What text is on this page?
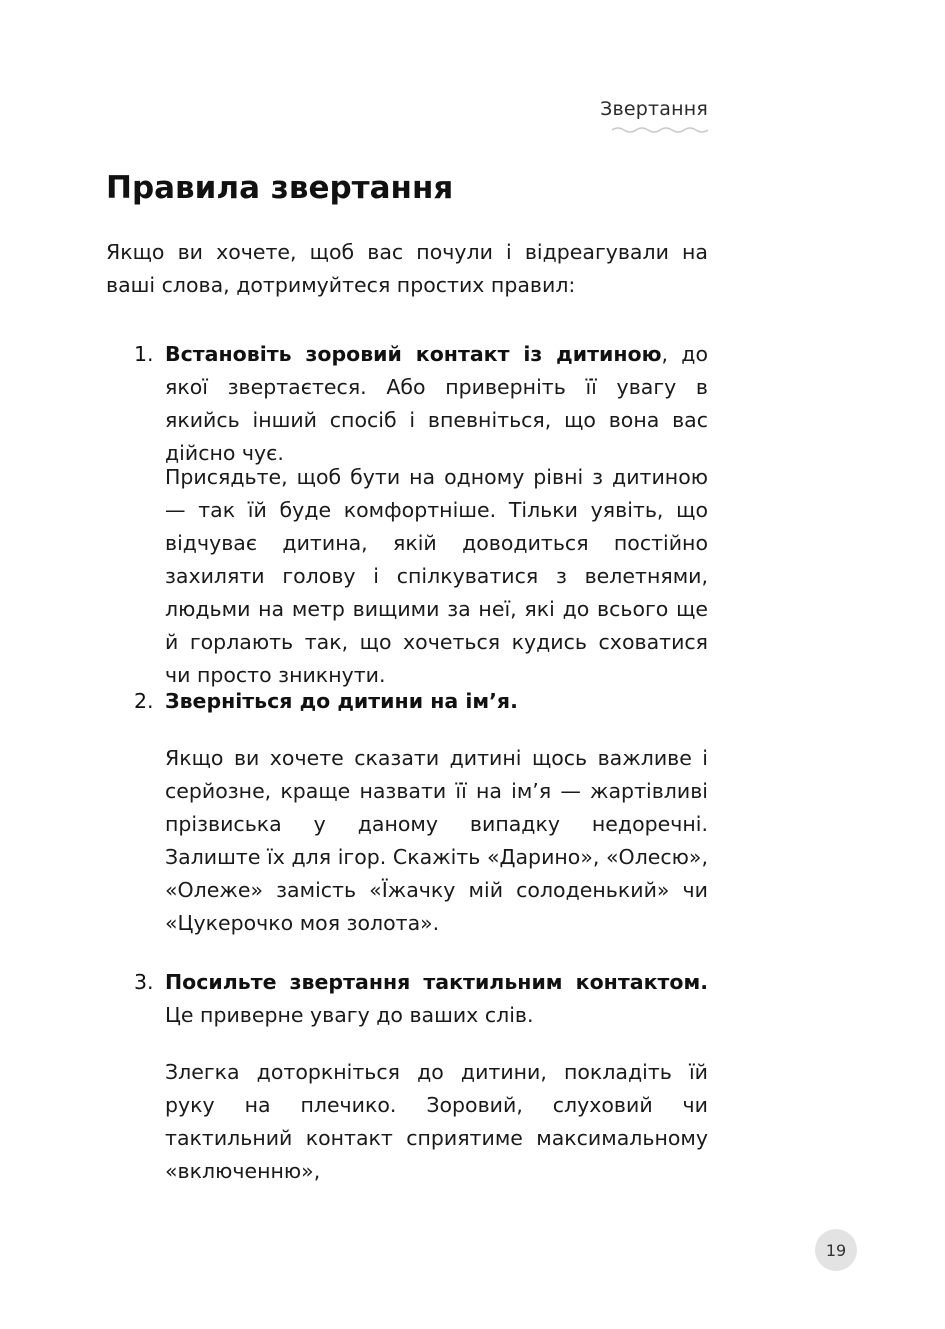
Звертання
Правила звертання

Якщо ви хочете, щоб вас почули і відреагували на ваші слова, дотримуйтеся простих правил:

1. Встановіть зоровий контакт із дитиною, до якої звертаєтеся. Або приверніть її увагу в якийсь інший спосіб і впевніться, що вона вас дійсно чує.

Присядьте, щоб бути на одному рівні з дитиною — так їй буде комфортніше. Тільки уявіть, що відчуває дитина, якій доводиться постійно захиляти голову і спілкуватися з велетнями, людьми на метр вищими за неї, які до всього ще й горлають так, що хочеться кудись сховатися чи просто зникнути.

2. Зверніться до дитини на ім’я.

Якщо ви хочете сказати дитині щось важливе і серйозне, краще назвати її на ім’я — жартівливі прізвиська у даному випадку недоречні. Залиште їх для ігор. Скажіть «Дарино», «Олесю», «Олеже» замість «Їжачку мій солоденький» чи «Цукерочко моя золота».

3. Посильте звертання тактильним контактом. Це приверне увагу до ваших слів.

Злегка доторкніться до дитини, покладіть їй руку на плечико. Зоровий, слуховий чи тактильний контакт сприятиме максимальному «включенню»,

19
